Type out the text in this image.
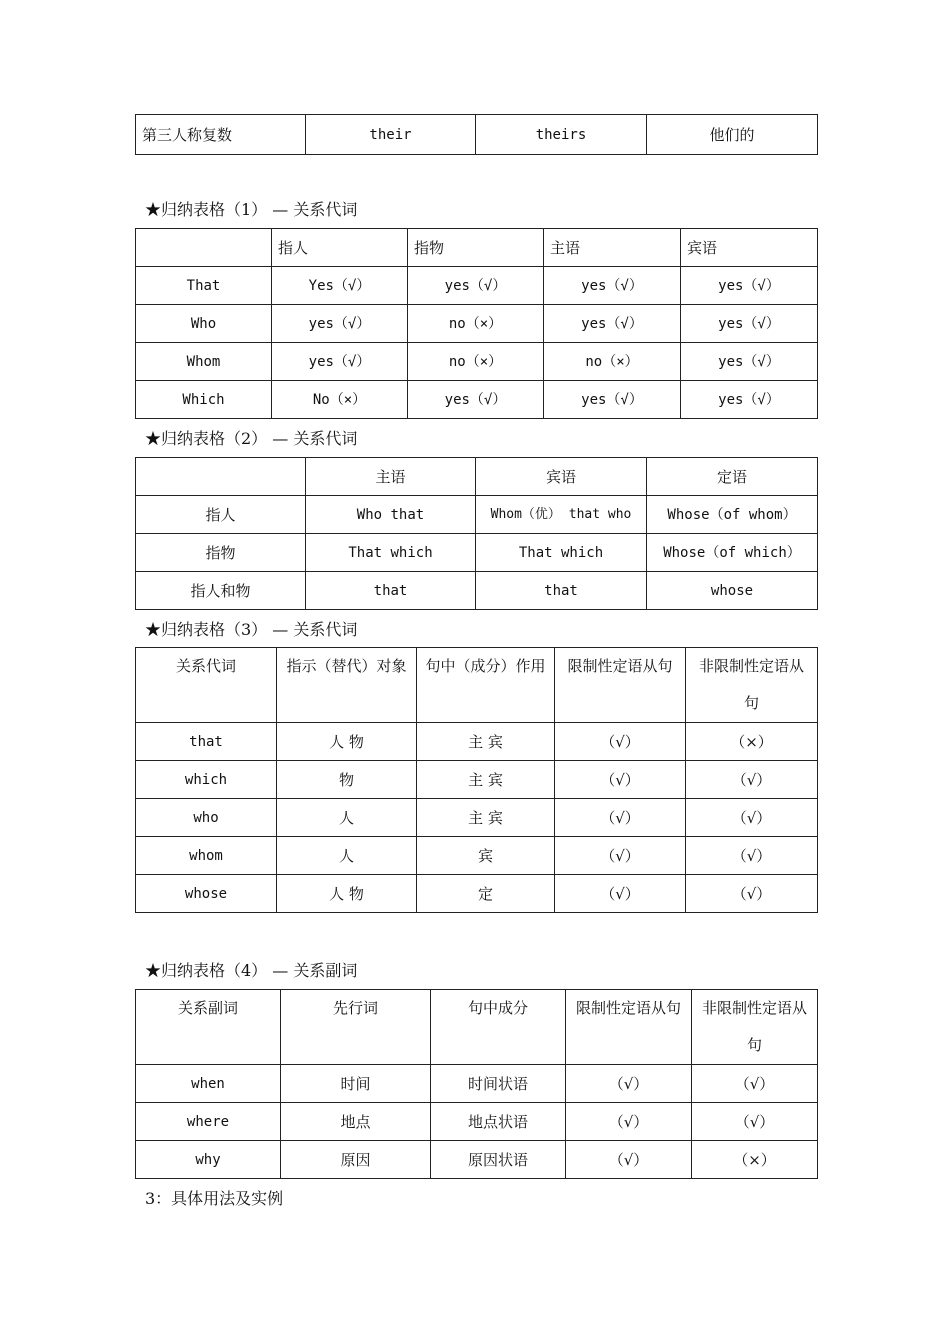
第三人称复数	their	theirs	他们的
★归纳表格（1） — 关系代词
	指人	指物	主语	宾语
That	Yes（√）	yes（√）	yes（√）	yes（√）
Who	yes（√）	no（×）	yes（√）	yes（√）
Whom	yes（√）	no（×）	no（×）	yes（√）
Which	No（×）	yes（√）	yes（√）	yes（√）
★归纳表格（2） — 关系代词
	主语	宾语	定语
指人	Who that	Whom（优） that who	Whose（of whom）
指物	That which	That which	Whose（of which）
指人和物	that	that	whose
★归纳表格（3） — 关系代词
关系代词	指示（替代）对象	句中（成分）作用	限制性定语从句	非限制性定语从句
that	人 物	主 宾	（√）	（×）
which	物	主 宾	（√）	（√）
who	人	主 宾	（√）	（√）
whom	人	宾	（√）	（√）
whose	人 物	定	（√）	（√）
★归纳表格（4） — 关系副词
关系副词	先行词	句中成分	限制性定语从句	非限制性定语从句
when	时间	时间状语	（√）	（√）
where	地点	地点状语	（√）	（√）
why	原因	原因状语	（√）	（×）
3：具体用法及实例
